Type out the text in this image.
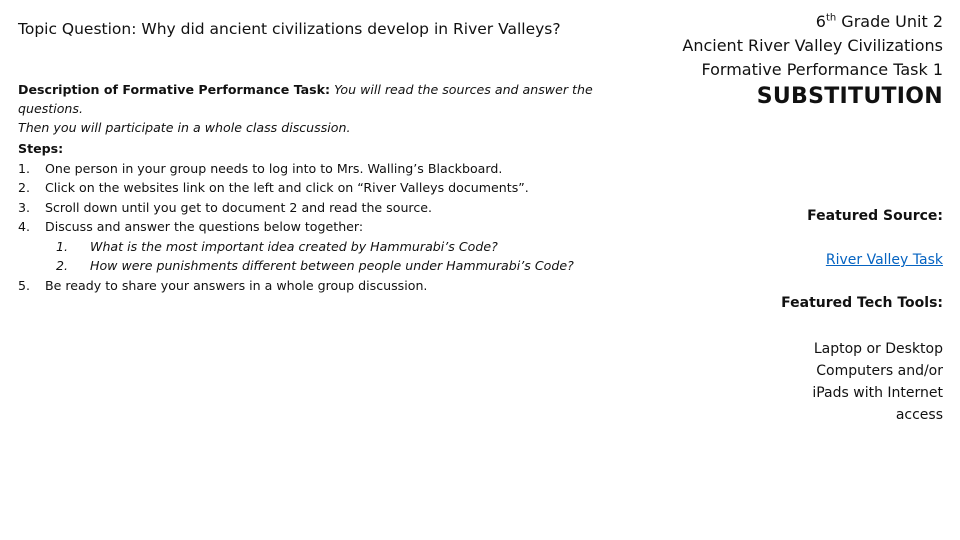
Topic Question: Why did ancient civilizations develop in River Valleys?
Description of Formative Performance Task: You will read the sources and answer the questions.
Then you will participate in a whole class discussion.
Steps:
1. One person in your group needs to log into to Mrs. Walling’s Blackboard.
2. Click on the websites link on the left and click on “River Valleys documents”.
3. Scroll down until you get to document 2 and read the source.
4. Discuss and answer the questions below together:
1. What is the most important idea created by Hammurabi’s Code?
2. How were punishments different between people under Hammurabi’s Code?
5. Be ready to share your answers in a whole group discussion.
6th Grade Unit 2
Ancient River Valley Civilizations
Formative Performance Task 1
SUBSTITUTION
Featured Source:
River Valley Task
Featured Tech Tools:
Laptop or Desktop
Computers and/or
iPads with Internet
access
